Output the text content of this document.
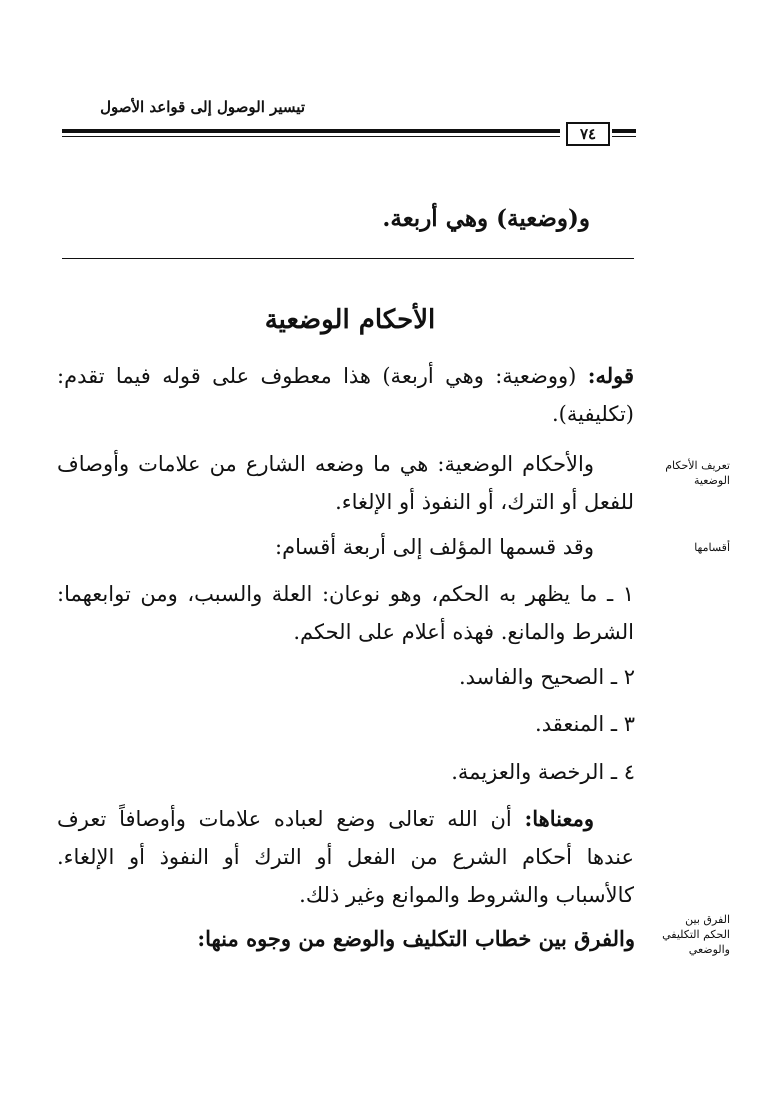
تيسير الوصول إلى قواعد الأصول
٧٤
و(وضعية) وهي أربعة.
الأحكام الوضعية
قوله: (ووضعية: وهي أربعة) هذا معطوف على قوله فيما تقدم: (تكليفية).
تعريف الأحكام الوضعية
والأحكام الوضعية: هي ما وضعه الشارع من علامات وأوصاف للفعل أو الترك، أو النفوذ أو الإلغاء.
أقسامها
وقد قسمها المؤلف إلى أربعة أقسام:
١ ـ ما يظهر به الحكم، وهو نوعان: العلة والسبب، ومن توابعهما: الشرط والمانع. فهذه أعلام على الحكم.
٢ ـ الصحيح والفاسد.
٣ ـ المنعقد.
٤ ـ الرخصة والعزيمة.
ومعناها: أن الله تعالى وضع لعباده علامات وأوصافاً تعرف عندها أحكام الشرع من الفعل أو الترك أو النفوذ أو الإلغاء. كالأسباب والشروط والموانع وغير ذلك.
الفرق بين الحكم التكليفي والوضعي
والفرق بين خطاب التكليف والوضع من وجوه منها:
